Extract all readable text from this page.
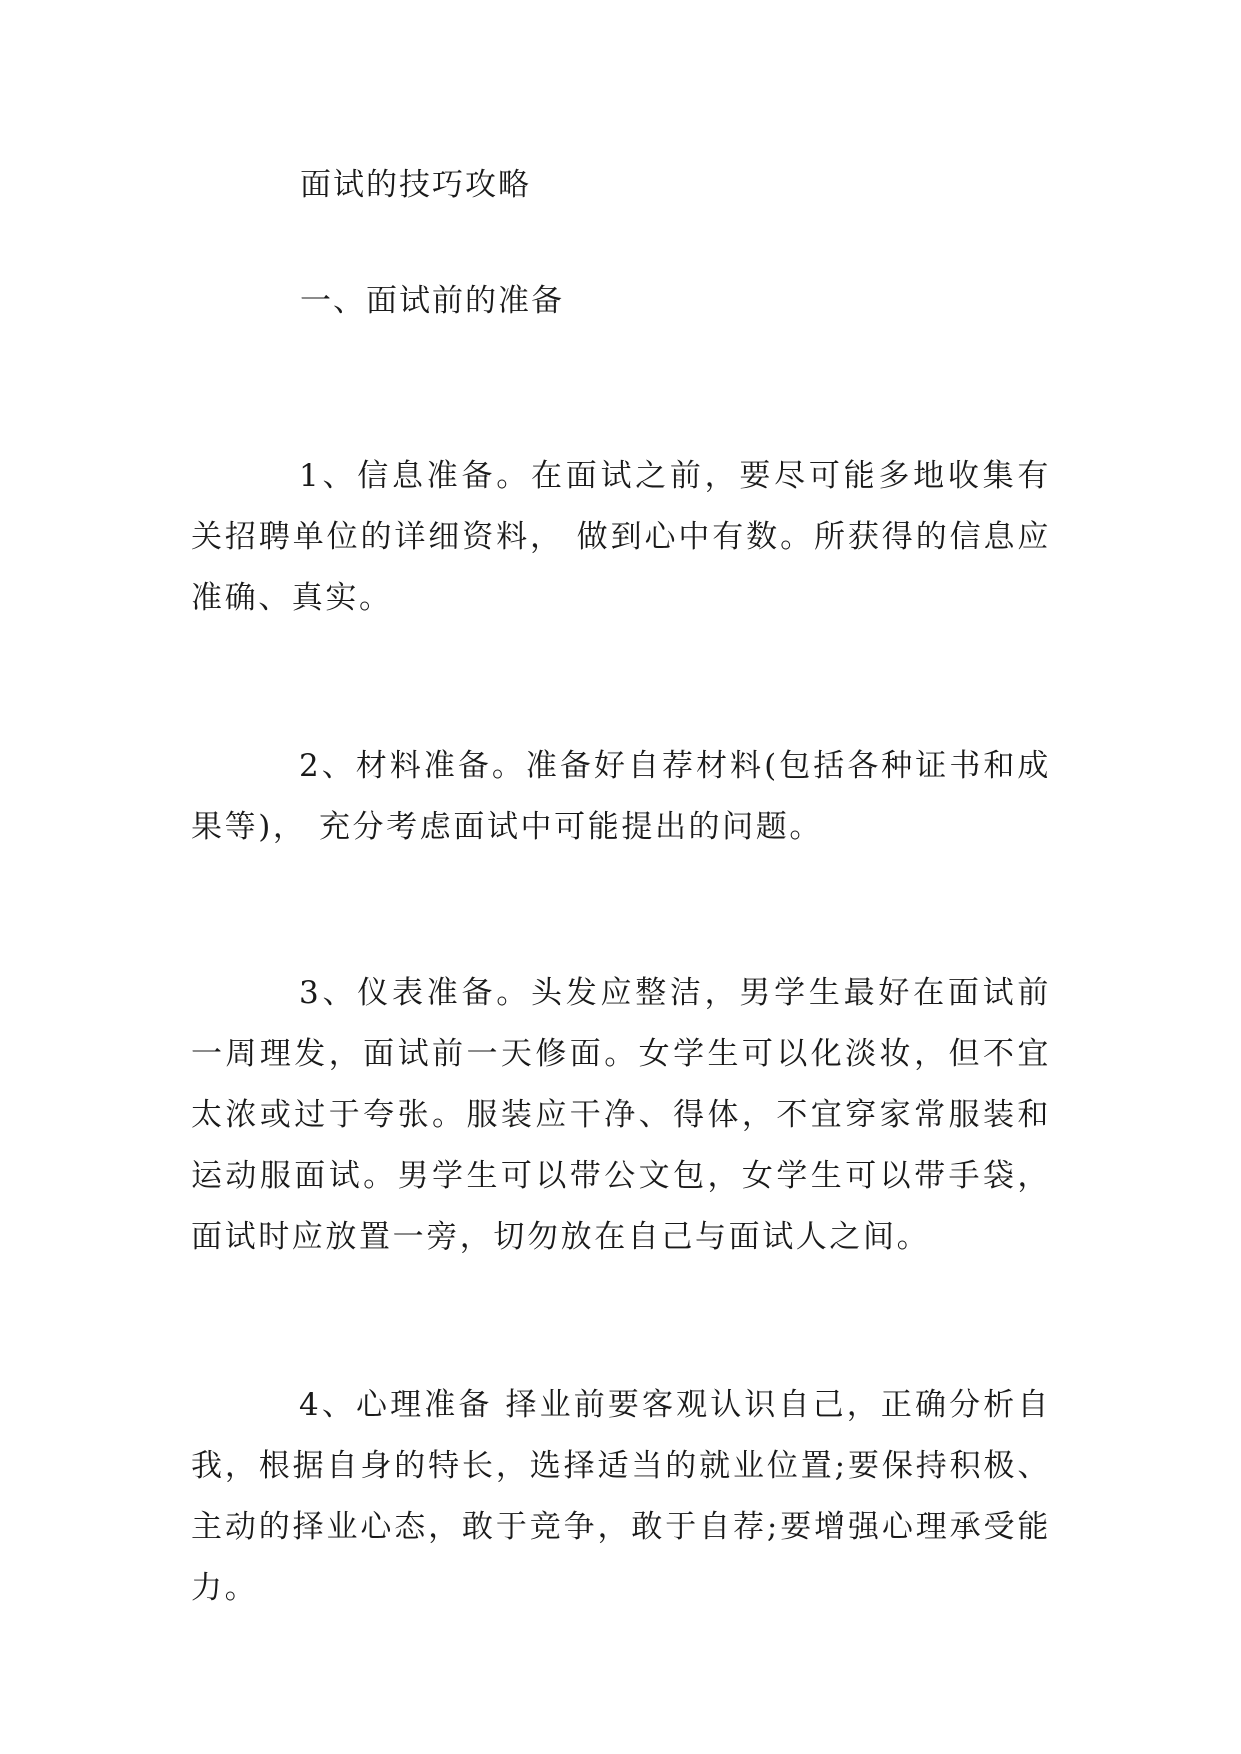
面试的技巧攻略

一、面试前的准备

1、信息准备。在面试之前，要尽可能多地收集有关招聘单位的详细资料， 做到心中有数。所获得的信息应准确、真实。

2、材料准备。准备好自荐材料(包括各种证书和成果等)， 充分考虑面试中可能提出的问题。

3、仪表准备。头发应整洁，男学生最好在面试前一周理发，面试前一天修面。女学生可以化淡妆，但不宜太浓或过于夸张。服装应干净、得体，不宜穿家常服装和运动服面试。男学生可以带公文包，女学生可以带手袋，面试时应放置一旁，切勿放在自己与面试人之间。

4、心理准备 择业前要客观认识自己，正确分析自我，根据自身的特长，选择适当的就业位置;要保持积极、主动的择业心态，敢于竞争，敢于自荐;要增强心理承受能力。
